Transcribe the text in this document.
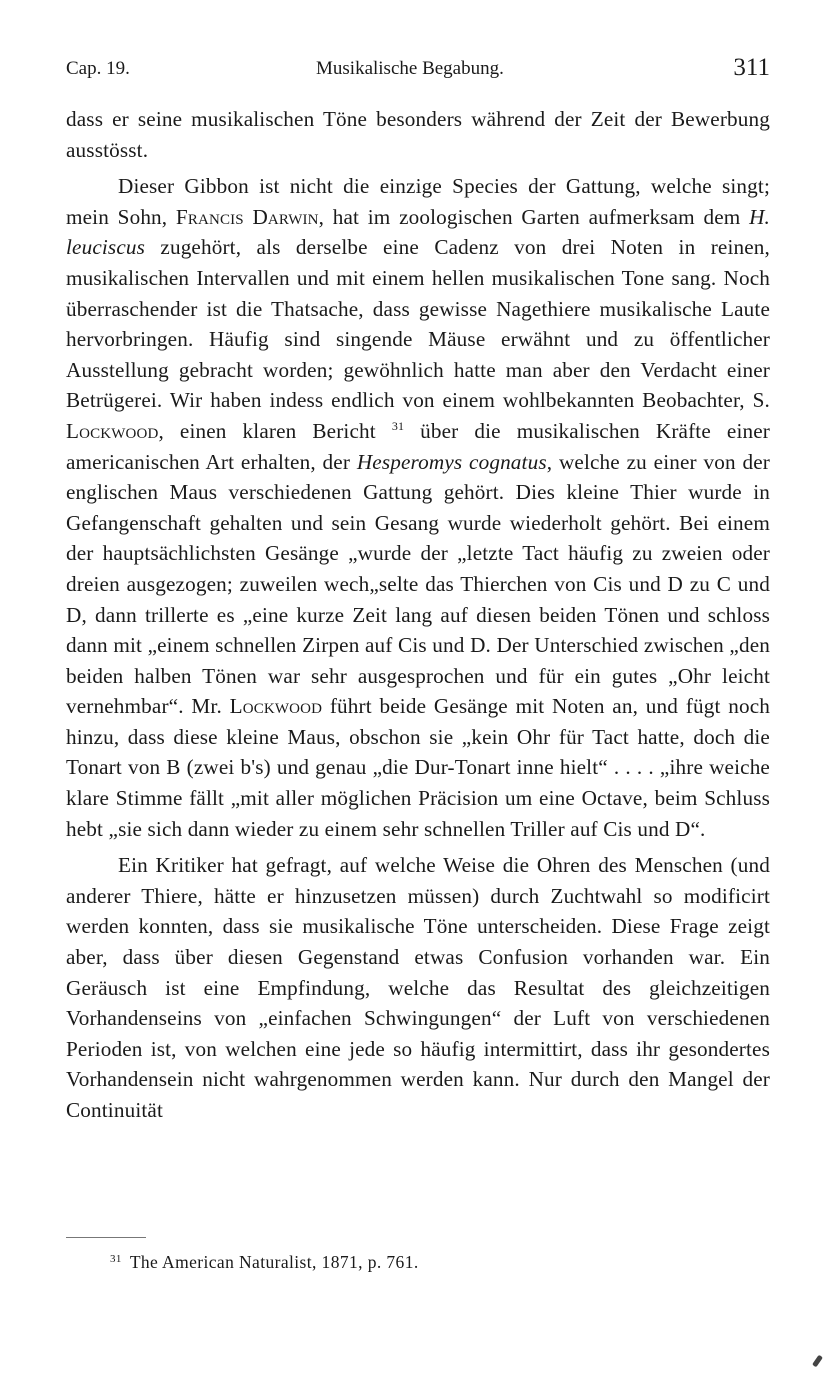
Cap. 19.	Musikalische Begabung.	311

dass er seine musikalischen Töne besonders während der Zeit der Bewerbung ausstösst.

Dieser Gibbon ist nicht die einzige Species der Gattung, welche singt; mein Sohn, Francis Darwin, hat im zoologischen Garten aufmerksam dem H. leuciscus zugehört, als derselbe eine Cadenz von drei Noten in reinen, musikalischen Intervallen und mit einem hellen musikalischen Tone sang. Noch überraschender ist die Thatsache, dass gewisse Nagethiere musikalische Laute hervorbringen. Häufig sind singende Mäuse erwähnt und zu öffentlicher Ausstellung gebracht worden; gewöhnlich hatte man aber den Verdacht einer Betrügerei. Wir haben indess endlich von einem wohlbekannten Beobachter, S. Lockwood, einen klaren Bericht $^{31}$ über die musikalischen Kräfte einer americanischen Art erhalten, der Hesperomys cognatus, welche zu einer von der englischen Maus verschiedenen Gattung gehört. Dies kleine Thier wurde in Gefangenschaft gehalten und sein Gesang wurde wiederholt gehört. Bei einem der hauptsächlichsten Gesänge „wurde der „letzte Tact häufig zu zweien oder dreien ausgezogen; zuweilen wech„selte das Thierchen von Cis und D zu C und D, dann trillerte es „eine kurze Zeit lang auf diesen beiden Tönen und schloss dann mit „einem schnellen Zirpen auf Cis und D. Der Unterschied zwischen „den beiden halben Tönen war sehr ausgesprochen und für ein gutes „Ohr leicht vernehmbar“. Mr. Lockwood führt beide Gesänge mit Noten an, und fügt noch hinzu, dass diese kleine Maus, obschon sie „kein Ohr für Tact hatte, doch die Tonart von B (zwei b's) und genau „die Dur-Tonart inne hielt“ . . . . „ihre weiche klare Stimme fällt „mit aller möglichen Präcision um eine Octave, beim Schluss hebt „sie sich dann wieder zu einem sehr schnellen Triller auf Cis und D“.

Ein Kritiker hat gefragt, auf welche Weise die Ohren des Menschen (und anderer Thiere, hätte er hinzusetzen müssen) durch Zuchtwahl so modificirt werden konnten, dass sie musikalische Töne unterscheiden. Diese Frage zeigt aber, dass über diesen Gegenstand etwas Confusion vorhanden war. Ein Geräusch ist eine Empfindung, welche das Resultat des gleichzeitigen Vorhandenseins von „einfachen Schwingungen“ der Luft von verschiedenen Perioden ist, von welchen eine jede so häufig intermittirt, dass ihr gesondertes Vorhandensein nicht wahrgenommen werden kann. Nur durch den Mangel der Continuität

$^{31}$ The American Naturalist, 1871, p. 761.
